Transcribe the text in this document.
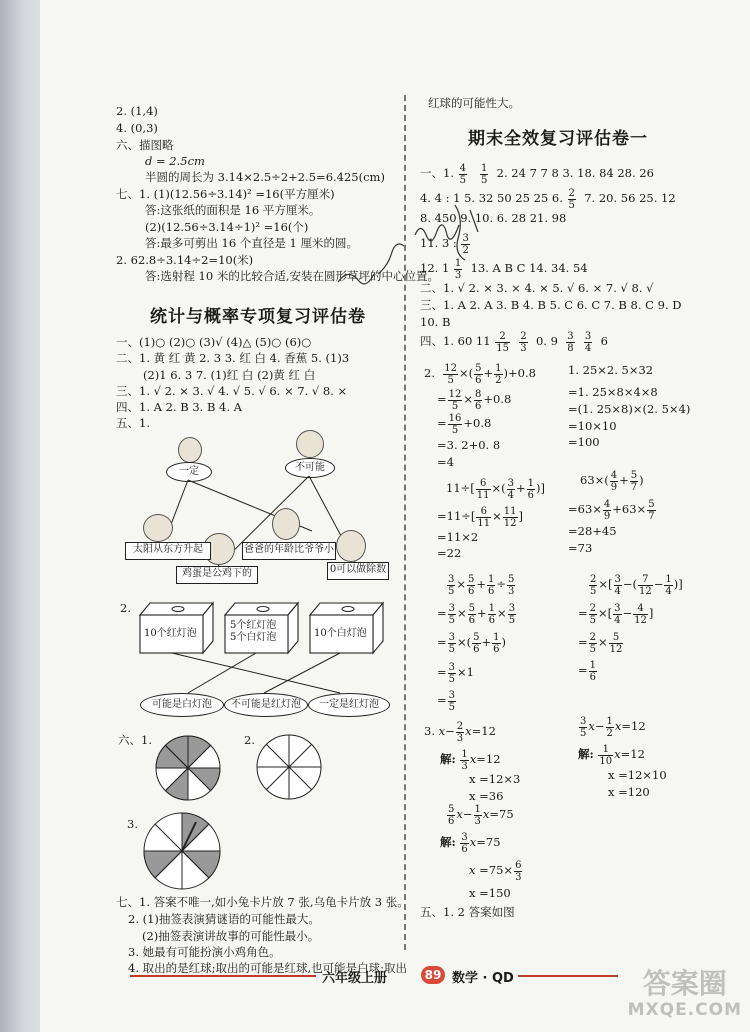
2. (1,4)
4. (0,3)
六、描图略
d = 2.5cm
半圆的周长为 3.14×2.5÷2+2.5=6.425(cm)
七、1. (1)(12.56÷3.14)² =16(平方厘米)
答:这张纸的面积是 16 平方厘米。
(2)(12.56÷3.14÷1)² =16(个)
答:最多可剪出 16 个直径是 1 厘米的圆。
2. 62.8÷3.14÷2=10(米)
答:选射程 10 米的比较合适,安装在圆形草坪的中心位置。
统计与概率专项复习评估卷
一、(1)○ (2)○ (3)√ (4)△ (5)○ (6)○
二、1. 黄 红 黄 2. 3 3. 红 白 4. 香蕉 5. (1)3
(2)1 6. 3 7. (1)红 白 (2)黄 红 白
三、1. √ 2. × 3. √ 4. √ 5. √ 6. × 7. √ 8. ×
四、1. A 2. B 3. B 4. A
五、1.
一定	不可能
太阳从东方升起	爸爸的年龄比爷爷小
0可以做除数
鸡蛋是公鸡下的
2.
10个红灯泡
5个红灯泡
5个白灯泡	10个白灯泡
可能是白灯泡	不可能是红灯泡	一定是红灯泡
六、1.	2.
3.
七、1. 答案不唯一,如小兔卡片放 7 张,乌龟卡片放 3 张。
2. (1)抽签表演猜谜语的可能性最大。
(2)抽签表演讲故事的可能性最小。
3. 她最有可能扮演小鸡角色。
4. 取出的是红球;取出的可能是红球,也可能是白球;取出
红球的可能性大。
期末全效复习评估卷一
一、1. $\frac{4}{5}$
$\frac{1}{5} 2$. 24 7 7 8 3. 18. 84 28. 26
4. 4 : 1 5. 32 50 25 25 6. $\frac{2}{5} 7$. 20. 56 25. 12
8. 450 9. 10. 6. 28 21. 98
11. 3 : $\frac{3}{2}$
12. $1 \frac{1}{3} 13$. A B C 14. 34. 54
二、1. √ 2. × 3. × 4. × 5. √ 6. × 7. √ 8. √
三、1. A 2. A 3. B 4. B 5. C 6. C 7. B 8. C 9. D
10. B
四、1. 60 $11 \frac{2}{15}$
$\frac{2}{3} 0$. $9 \frac{3}{8}$
$\frac{3}{4} 6$
2. $\frac{12}{5}$ ×( $\frac{5}{6} + \frac{1}{2} )+0.8$
= $\frac{12}{5} \times \frac{8}{6} +0.8$
= $\frac{16}{5} +0.8$
=3. 2+0. 8
=4
1. 25×2. 5×32
=1. 25×8×4×8
=(1. 25×8)×(2. 5×4)
=10×10
=100
$11\div[ \frac{6}{11}$ ×( $\frac{3}{4} + \frac{1}{6}$ )]
$=11\div[ \frac{6}{11} \times \frac{11}{12}$ ]
=11×2
=22
$63\times( \frac{4}{9} + \frac{5}{7}$ )
$=63\times \frac{4}{9} +63\times \frac{5}{7}$
=28+45
=73
$\frac{3}{5} \times \frac{5}{6} + \frac{1}{6} \div \frac{5}{3}$
= $\frac{3}{5} \times \frac{5}{6} + \frac{1}{6} \times \frac{3}{5}$
= $\frac{3}{5}$ ×( $\frac{5}{6} + \frac{1}{6}$ )
= $\frac{3}{5} \times 1$
= $\frac{3}{5}$
$\frac{2}{5}$ ×[ $\frac{3}{4}$ −( $\frac{7}{12} - \frac{1}{4}$ )]
= $\frac{2}{5}$ ×[ $\frac{3}{4} - \frac{4}{12}$ ]
= $\frac{2}{5} \times \frac{5}{12}$
= $\frac{1}{6}$
3. $x- \frac{2}{3} x=12$
解: $\frac{1}{3} x=12$
x =12×3
x =36
$\frac{3}{5} x- \frac{1}{2} x=12$
解: $\frac{1}{10} x=12$
x =12×10
x =120
$\frac{5}{6} x- \frac{1}{3} x=75$
解: $\frac{3}{6} x=75$
$x =75\times \frac{6}{3}$
x =150
五、1. 2 答案如图
六年级上册	89 数学 · QD	答案圈
MXQE.COM
